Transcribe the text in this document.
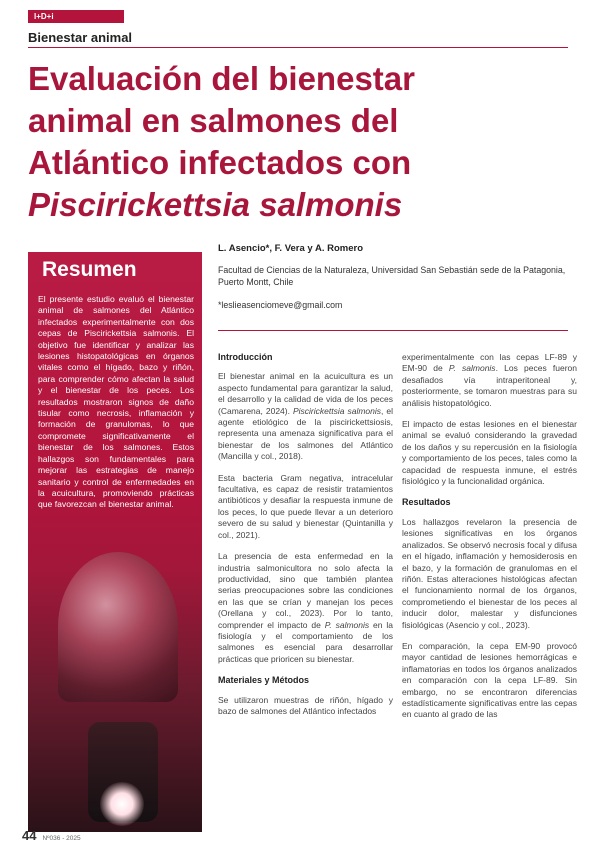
I+D+i
Bienestar animal
Evaluación del bienestar
animal en salmones del
Atlántico infectados con
Piscirickettsia salmonis
Resumen
El presente estudio evaluó el bienestar animal de salmones del Atlántico infectados experimentalmente con dos cepas de Piscirickettsia salmonis. El objetivo fue identificar y analizar las lesiones histopatológicas en órganos vitales como el hígado, bazo y riñón, para comprender cómo afectan la salud y el bienestar de los peces. Los resultados mostraron signos de daño tisular como necrosis, inflamación y formación de granulomas, lo que compromete significativamente el bienestar de los salmones. Estos hallazgos son fundamentales para mejorar las estrategias de manejo sanitario y control de enfermedades en la acuicultura, promoviendo prácticas que favorezcan el bienestar animal.
L. Asencio*, F. Vera y A. Romero
Facultad de Ciencias de la Naturaleza, Universidad San Sebastián sede de la Patagonia, Puerto Montt, Chile
*leslieasenciomeve@gmail.com
Introducción

El bienestar animal en la acuicultura es un aspecto fundamental para garantizar la salud, el desarrollo y la calidad de vida de los peces (Camarena, 2024). Piscirickettsia salmonis, el agente etiológico de la piscirickettsiosis, representa una amenaza significativa para el bienestar de los salmones del Atlántico (Mancilla y col., 2018).

Esta bacteria Gram negativa, intracelular facultativa, es capaz de resistir tratamientos antibióticos y desafiar la respuesta inmune de los peces, lo que puede llevar a un deterioro severo de su salud y bienestar (Quintanilla y col., 2021).

La presencia de esta enfermedad en la industria salmonicultora no solo afecta la productividad, sino que también plantea serias preocupaciones sobre las condiciones en las que se crían y manejan los peces (Orellana y col., 2023). Por lo tanto, comprender el impacto de P. salmonis en la fisiología y el comportamiento de los salmones es esencial para desarrollar prácticas que prioricen su bienestar.

Materiales y Métodos

Se utilizaron muestras de riñón, hígado y bazo de salmones del Atlántico infectados

experimentalmente con las cepas LF-89 y EM-90 de P. salmonis. Los peces fueron desafiados vía intraperitoneal y, posteriormente, se tomaron muestras para su análisis histopatológico.

El impacto de estas lesiones en el bienestar animal se evaluó considerando la gravedad de los daños y su repercusión en la fisiología y comportamiento de los peces, tales como la capacidad de respuesta inmune, el estrés fisiológico y la funcionalidad orgánica.

Resultados

Los hallazgos revelaron la presencia de lesiones significativas en los órganos analizados. Se observó necrosis focal y difusa en el hígado, inflamación y hemosiderosis en el bazo, y la formación de granulomas en el riñón. Estas alteraciones histológicas afectan el funcionamiento normal de los órganos, comprometiendo el bienestar de los peces al inducir dolor, malestar y disfunciones fisiológicas (Asencio y col., 2023).

En comparación, la cepa EM-90 provocó mayor cantidad de lesiones hemorrágicas e inflamatorias en todos los órganos analizados en comparación con la cepa LF-89. Sin embargo, no se encontraron diferencias estadísticamente significativas entre las cepas en cuanto al grado de las

44 Nº036 - 2025
